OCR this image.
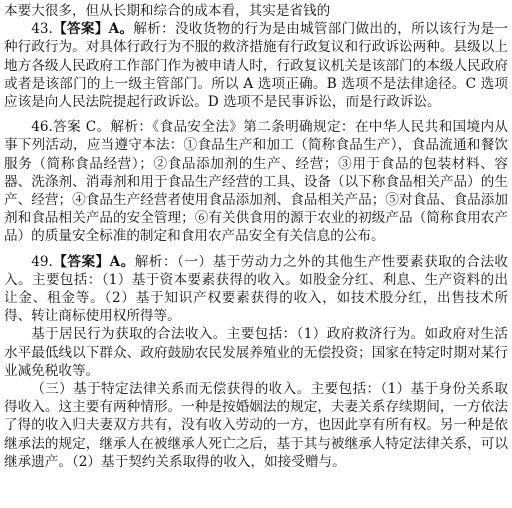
本要大很多，但从长期和综合的成本看，其实是省钱的

43.【答案】A。解析：没收货物的行为是由城管部门做出的，所以该行为是一种行政行为。对具体行政行为不服的救济措施有行政复议和行政诉讼两种。县级以上地方各级人民政府工作部门作为被申请人时，行政复议机关是该部门的本级人民政府或者是该部门的上一级主管部门。所以 A 选项正确。B 选项不是法律途径。C 选项应该是向人民法院提起行政诉讼。D 选项不是民事诉讼，而是行政诉讼。

46.答案 C。解析：《食品安全法》第二条明确规定：在中华人民共和国境内从事下列活动，应当遵守本法：①食品生产和加工（简称食品生产），食品流通和餐饮服务（简称食品经营）；②食品添加剂的生产、经营；③用于食品的包装材料、容器、洗涤剂、消毒剂和用于食品生产经营的工具、设备（以下称食品相关产品）的生产、经营；④食品生产经营者使用食品添加剂、食品相关产品；⑤对食品、食品添加剂和食品相关产品的安全管理；⑥有关供食用的源于农业的初级产品（简称食用农产品）的质量安全标准的制定和食用农产品安全有关信息的公布。

49.【答案】A。解析：（一）基于劳动力之外的其他生产性要素获取的合法收入。主要包括：（1）基于资本要素获得的收入。如股金分红、利息、生产资料的出让金、租金等。（2）基于知识产权要素获得的收入，如技术股分红，出售技术所得、转让商标使用权所得等。

基于居民行为获取的合法收入。主要包括：（1）政府救济行为。如政府对生活水平最低线以下群众、政府鼓励农民发展养殖业的无偿投资；国家在特定时期对某行业减免税收等。

（三）基于特定法律关系而无偿获得的收入。主要包括：（1）基于身份关系取得收入。这主要有两种情形。一种是按婚姻法的规定，夫妻关系存续期间，一方依法了得的收入归夫妻双方共有，没有收入劳动的一方，也因此享有所有权。另一种是依继承法的规定，继承人在被继承人死亡之后，基于其与被继承人特定法律关系，可以继承遗产。（2）基于契约关系取得的收入，如接受赠与。
